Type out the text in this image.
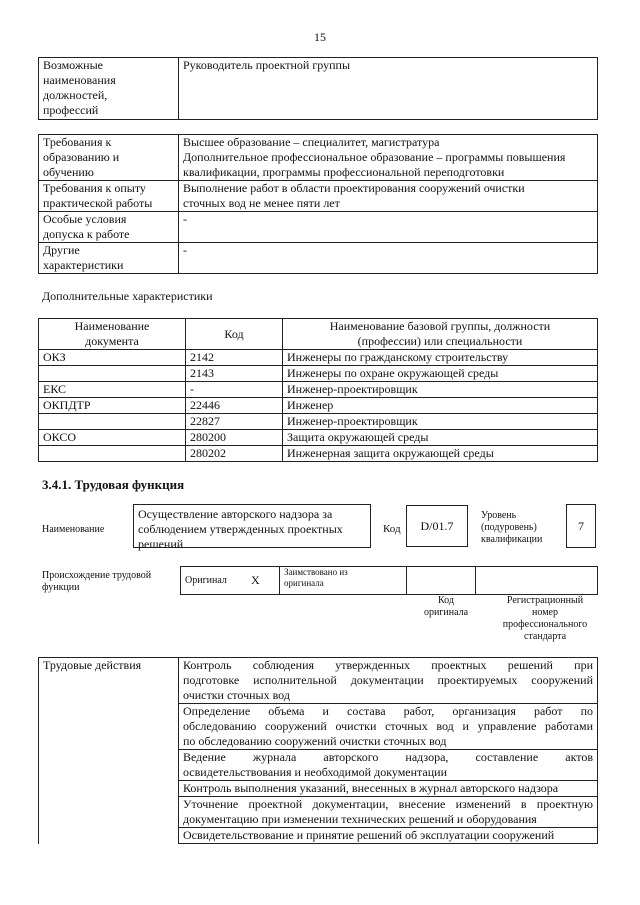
15
Возможные
наименования
должностей,
профессий
	Руководитель проектной группы
Требования к
образованию и
обучению	Высшее образование – специалитет, магистратура
Дополнительное профессиональное образование – программы повышения
квалификации, программы профессиональной переподготовки

Требования к опыту
практической работы	Выполнение работ в области проектирования сооружений очистки
сточных вод не менее пяти лет

Особые условия
допуска к работе	-

Другие
характеристики	-
Дополнительные характеристики
Наименование
документа	Код	Наименование базовой группы, должности
(профессии) или специальности

ОКЗ	2142	Инженеры по гражданскому строительству
	2143	Инженеры по охране окружающей среды
ЕКС	-	Инженер-проектировщик
ОКПДТР	22446	Инженер
	22827	Инженер-проектировщик
ОКСО	280200	Защита окружающей среды
	280202	Инженерная защита окружающей среды
3.4.1. Трудовая функция
Наименование
Осуществление авторского надзора за
соблюдением утвержденных проектных
решений
Код	D/01.7
Уровень
(подуровень)
квалификации
7
Происхождение трудовой
функции
Оригинал	X	
Заимствовано из
оригинала

Код
оригинала
Регистрационный
номер
профессионального
стандарта
Трудовые действия	Контроль соблюдения утвержденных проектных решений при
подготовке исполнительной документации проектируемых сооружений
очистки сточных вод

Определение объема и состава работ, организация работ по
обследованию сооружений очистки сточных вод и управление работами
по обследованию сооружений очистки сточных вод

Ведение журнала авторского надзора, составление актов
освидетельствования и необходимой документации

Контроль выполнения указаний, внесенных в журнал авторского надзора

Уточнение проектной документации, внесение изменений в проектную
документацию при изменении технических решений и оборудования

Освидетельствование и принятие решений об эксплуатации сооружений
